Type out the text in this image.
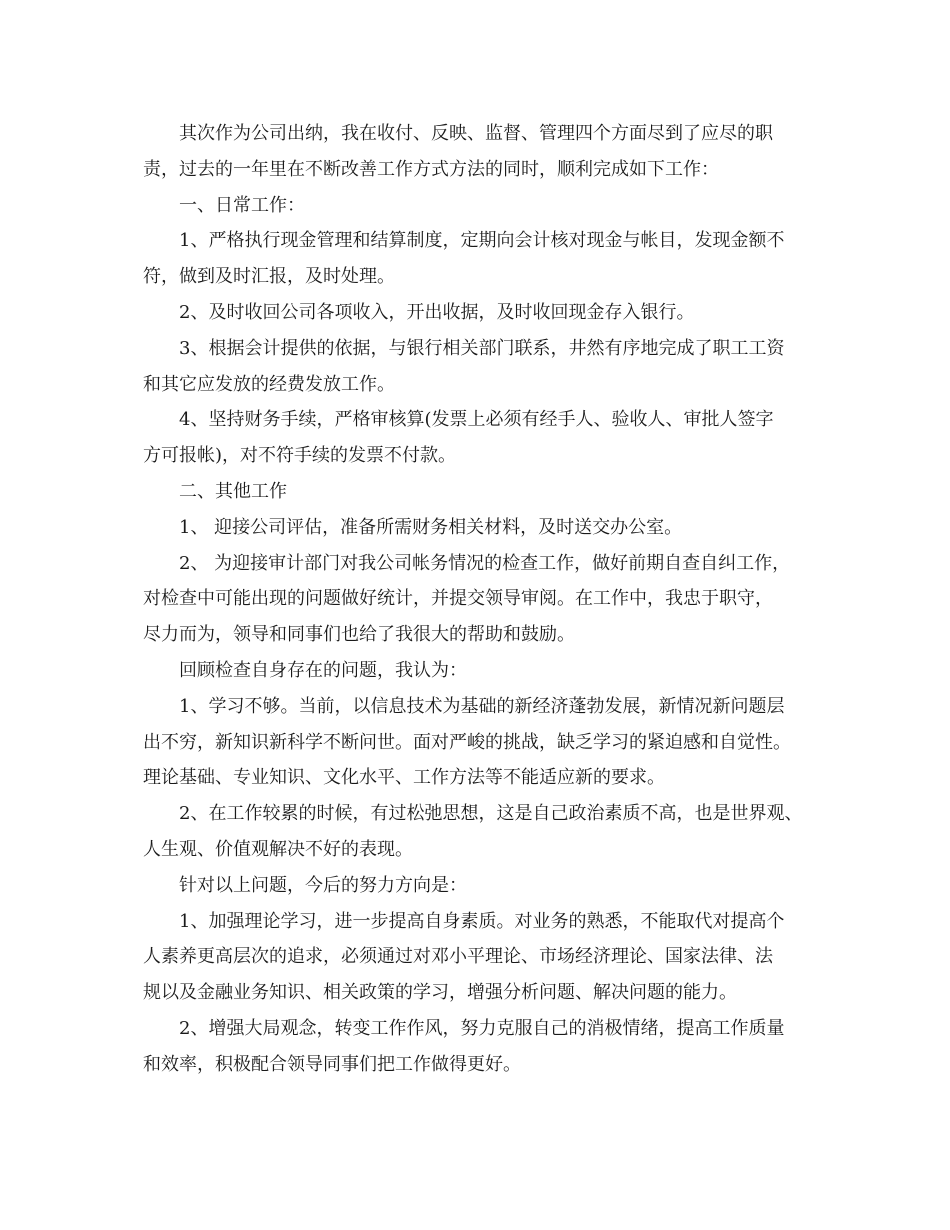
其次作为公司出纳，我在收付、反映、监督、管理四个方面尽到了应尽的职
责，过去的一年里在不断改善工作方式方法的同时，顺利完成如下工作：
一、日常工作：
1、严格执行现金管理和结算制度，定期向会计核对现金与帐目，发现金额不
符，做到及时汇报，及时处理。
2、及时收回公司各项收入，开出收据，及时收回现金存入银行。
3、根据会计提供的依据，与银行相关部门联系，井然有序地完成了职工工资
和其它应发放的经费发放工作。
4、坚持财务手续，严格审核算(发票上必须有经手人、验收人、审批人签字
方可报帐)，对不符手续的发票不付款。
二、其他工作
1、 迎接公司评估，准备所需财务相关材料，及时送交办公室。
2、 为迎接审计部门对我公司帐务情况的检查工作，做好前期自查自纠工作，
对检查中可能出现的问题做好统计，并提交领导审阅。在工作中，我忠于职守，
尽力而为，领导和同事们也给了我很大的帮助和鼓励。
回顾检查自身存在的问题，我认为：
1、学习不够。当前，以信息技术为基础的新经济蓬勃发展，新情况新问题层
出不穷，新知识新科学不断问世。面对严峻的挑战，缺乏学习的紧迫感和自觉性。
理论基础、专业知识、文化水平、工作方法等不能适应新的要求。
2、在工作较累的时候，有过松弛思想，这是自己政治素质不高，也是世界观、
人生观、价值观解决不好的表现。
针对以上问题，今后的努力方向是：
1、加强理论学习，进一步提高自身素质。对业务的熟悉，不能取代对提高个
人素养更高层次的追求，必须通过对邓小平理论、市场经济理论、国家法律、法
规以及金融业务知识、相关政策的学习，增强分析问题、解决问题的能力。
2、增强大局观念，转变工作作风，努力克服自己的消极情绪，提高工作质量
和效率，积极配合领导同事们把工作做得更好。
